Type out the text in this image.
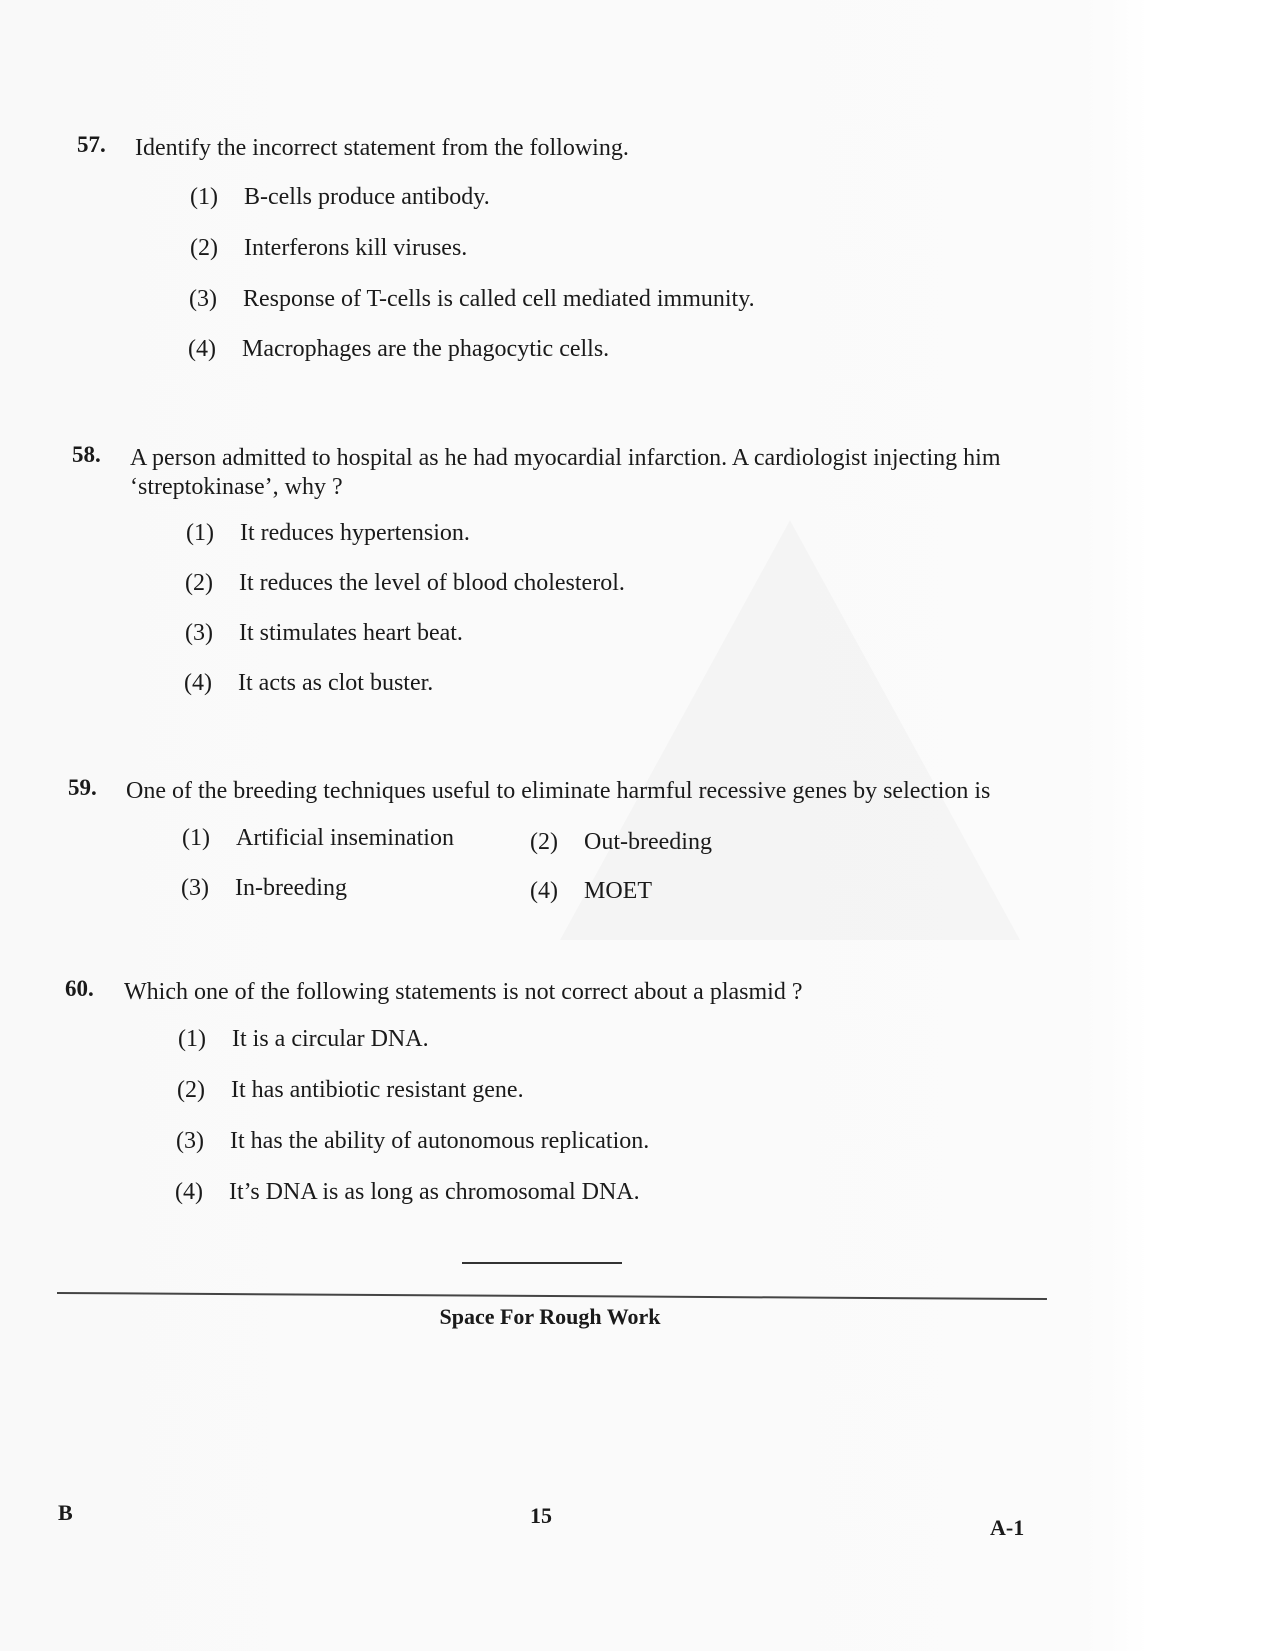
57. Identify the incorrect statement from the following.
(1) B-cells produce antibody.
(2) Interferons kill viruses.
(3) Response of T-cells is called cell mediated immunity.
(4) Macrophages are the phagocytic cells.
58. A person admitted to hospital as he had myocardial infarction. A cardiologist injecting him
‘streptokinase’, why ?
(1) It reduces hypertension.
(2) It reduces the level of blood cholesterol.
(3) It stimulates heart beat.
(4) It acts as clot buster.
59. One of the breeding techniques useful to eliminate harmful recessive genes by selection is
(1) Artificial insemination	(2) Out-breeding
(3) In-breeding	(4) MOET
60. Which one of the following statements is not correct about a plasmid ?
(1) It is a circular DNA.
(2) It has antibiotic resistant gene.
(3) It has the ability of autonomous replication.
(4) It’s DNA is as long as chromosomal DNA.
Space For Rough Work
B	15	A-1
